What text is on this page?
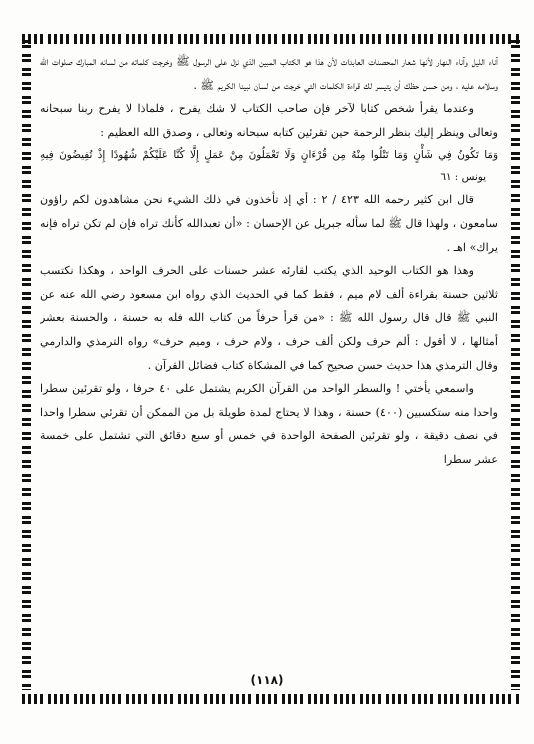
آناء الليل وآناء النهار لأنها شعار المحصنات العابدات لأن هذا هو الكتاب المبين الذي نزل على الرسول ﷺ وخرجت كلماته من لسانه المبارك صلوات الله وسلامه عليه ، ومن حسن حظك أن يتيسر لك قراءة الكلمات التي خرجت من لسان نبينا الكريم ﷺ .

وعندما يقرأ شخص كتابا لآخر فإن صاحب الكتاب لا شك يفرح ، فلماذا لا يفرح ربنا سبحانه وتعالى وينظر إليك بنظر الرحمة حين تقرئين كتابه سبحانه وتعالى ، وصدق الله العظيم :

وَمَا تَكُونُ فِي شَأْنٍ وَمَا تَتْلُوا مِنْهُ مِن قُرْءَانٍ وَلَا تَعْمَلُونَ مِنْ عَمَلٍ إِلَّا كُنَّا عَلَيْكُمْ شُهُودًا إِذْ تُفِيضُونَ فِيهِ يونس : ٦١

قال ابن كثير رحمه الله ٤٢٣ / ٢ : أي إذ تأخذون في ذلك الشيء نحن مشاهدون لكم راؤون سامعون ، ولهذا قال ﷺ لما سأله جبريل عن الإحسان : «أن تعبدالله كأنك تراه فإن لم تكن تراه فإنه يراك» اهـ .

وهذا هو الكتاب الوحيد الذي يكتب لقارئه عشر حسنات على الحرف الواحد ، وهكذا نكتسب ثلاثين حسنة بقراءة ألف لام ميم ، فقط كما في الحديث الذي رواه ابن مسعود رضي الله عنه عن النبي ﷺ قال قال رسول الله ﷺ : «من قرأ حرفاً من كتاب الله فله به حسنة ، والحسنة بعشر أمثالها ، لا أقول : ألم حرف ولكن ألف حرف ، ولام حرف ، وميم حرف» رواه الترمذي والدارمي وقال الترمذي هذا حديث حسن صحيح كما في المشكاة كتاب فضائل القرآن .

واسمعي يأختي ! والسطر الواحد من القرآن الكريم يشتمل على ٤٠ حرفا ، ولو تقرئين سطرا واحدا منه ستكسبين (٤٠٠) حسنة ، وهذا لا يحتاج لمدة طويلة بل من الممكن أن تقرئي سطرا واحدا في نصف دقيقة ، ولو تقرئين الصفحة الواحدة في خمس أو سبع دقائق التي تشتمل على خمسة عشر سطرا

(١١٨)
